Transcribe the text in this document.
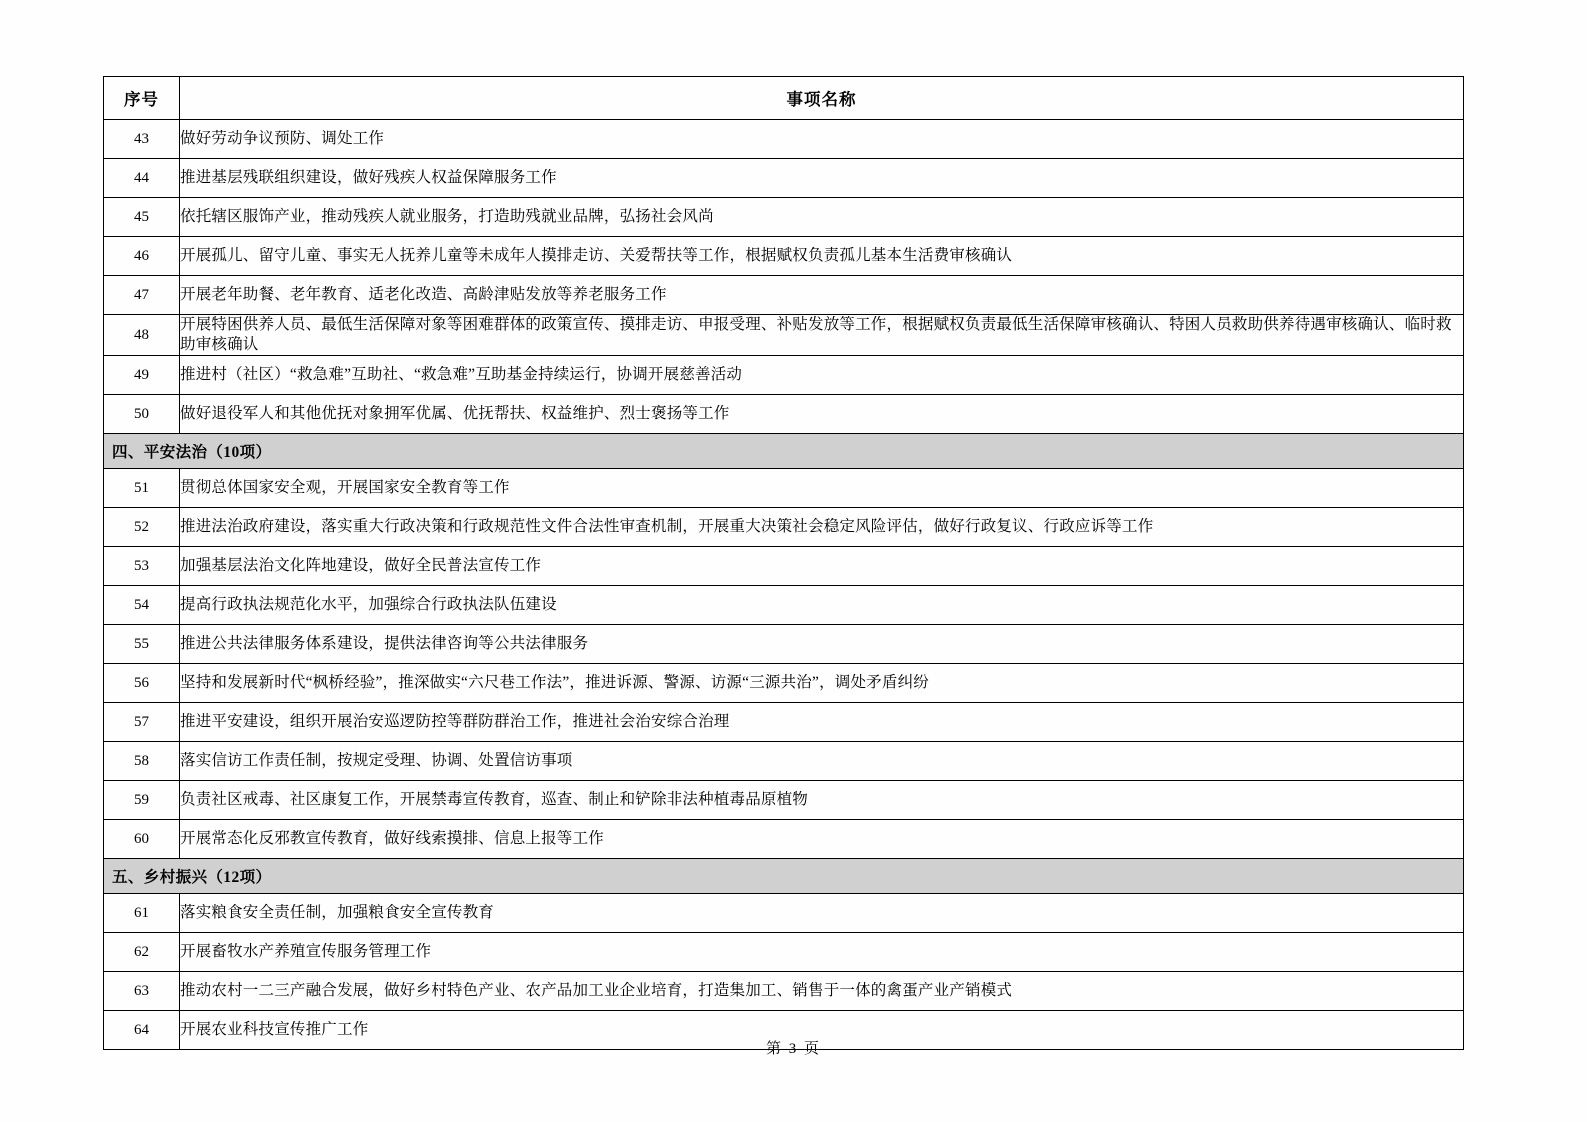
序号	事项名称
43	做好劳动争议预防、调处工作
44	推进基层残联组织建设，做好残疾人权益保障服务工作
45	依托辖区服饰产业，推动残疾人就业服务，打造助残就业品牌，弘扬社会风尚
46	开展孤儿、留守儿童、事实无人抚养儿童等未成年人摸排走访、关爱帮扶等工作，根据赋权负责孤儿基本生活费审核确认
47	开展老年助餐、老年教育、适老化改造、高龄津贴发放等养老服务工作
48	开展特困供养人员、最低生活保障对象等困难群体的政策宣传、摸排走访、申报受理、补贴发放等工作，根据赋权负责最低生活保障审核确认、特困人员救助供养待遇审核确认、临时救助审核确认
49	推进村（社区）“救急难”互助社、“救急难”互助基金持续运行，协调开展慈善活动
50	做好退役军人和其他优抚对象拥军优属、优抚帮扶、权益维护、烈士褒扬等工作
四、平安法治（10项）	
51	贯彻总体国家安全观，开展国家安全教育等工作
52	推进法治政府建设，落实重大行政决策和行政规范性文件合法性审查机制，开展重大决策社会稳定风险评估，做好行政复议、行政应诉等工作
53	加强基层法治文化阵地建设，做好全民普法宣传工作
54	提高行政执法规范化水平，加强综合行政执法队伍建设
55	推进公共法律服务体系建设，提供法律咨询等公共法律服务
56	坚持和发展新时代“枫桥经验”，推深做实“六尺巷工作法”，推进诉源、警源、访源“三源共治”，调处矛盾纠纷
57	推进平安建设，组织开展治安巡逻防控等群防群治工作，推进社会治安综合治理
58	落实信访工作责任制，按规定受理、协调、处置信访事项
59	负责社区戒毒、社区康复工作，开展禁毒宣传教育，巡查、制止和铲除非法种植毒品原植物
60	开展常态化反邪教宣传教育，做好线索摸排、信息上报等工作
五、乡村振兴（12项）	
61	落实粮食安全责任制，加强粮食安全宣传教育
62	开展畜牧水产养殖宣传服务管理工作
63	推动农村一二三产融合发展，做好乡村特色产业、农产品加工业企业培育，打造集加工、销售于一体的禽蛋产业产销模式
64	开展农业科技宣传推广工作
第 3 页
